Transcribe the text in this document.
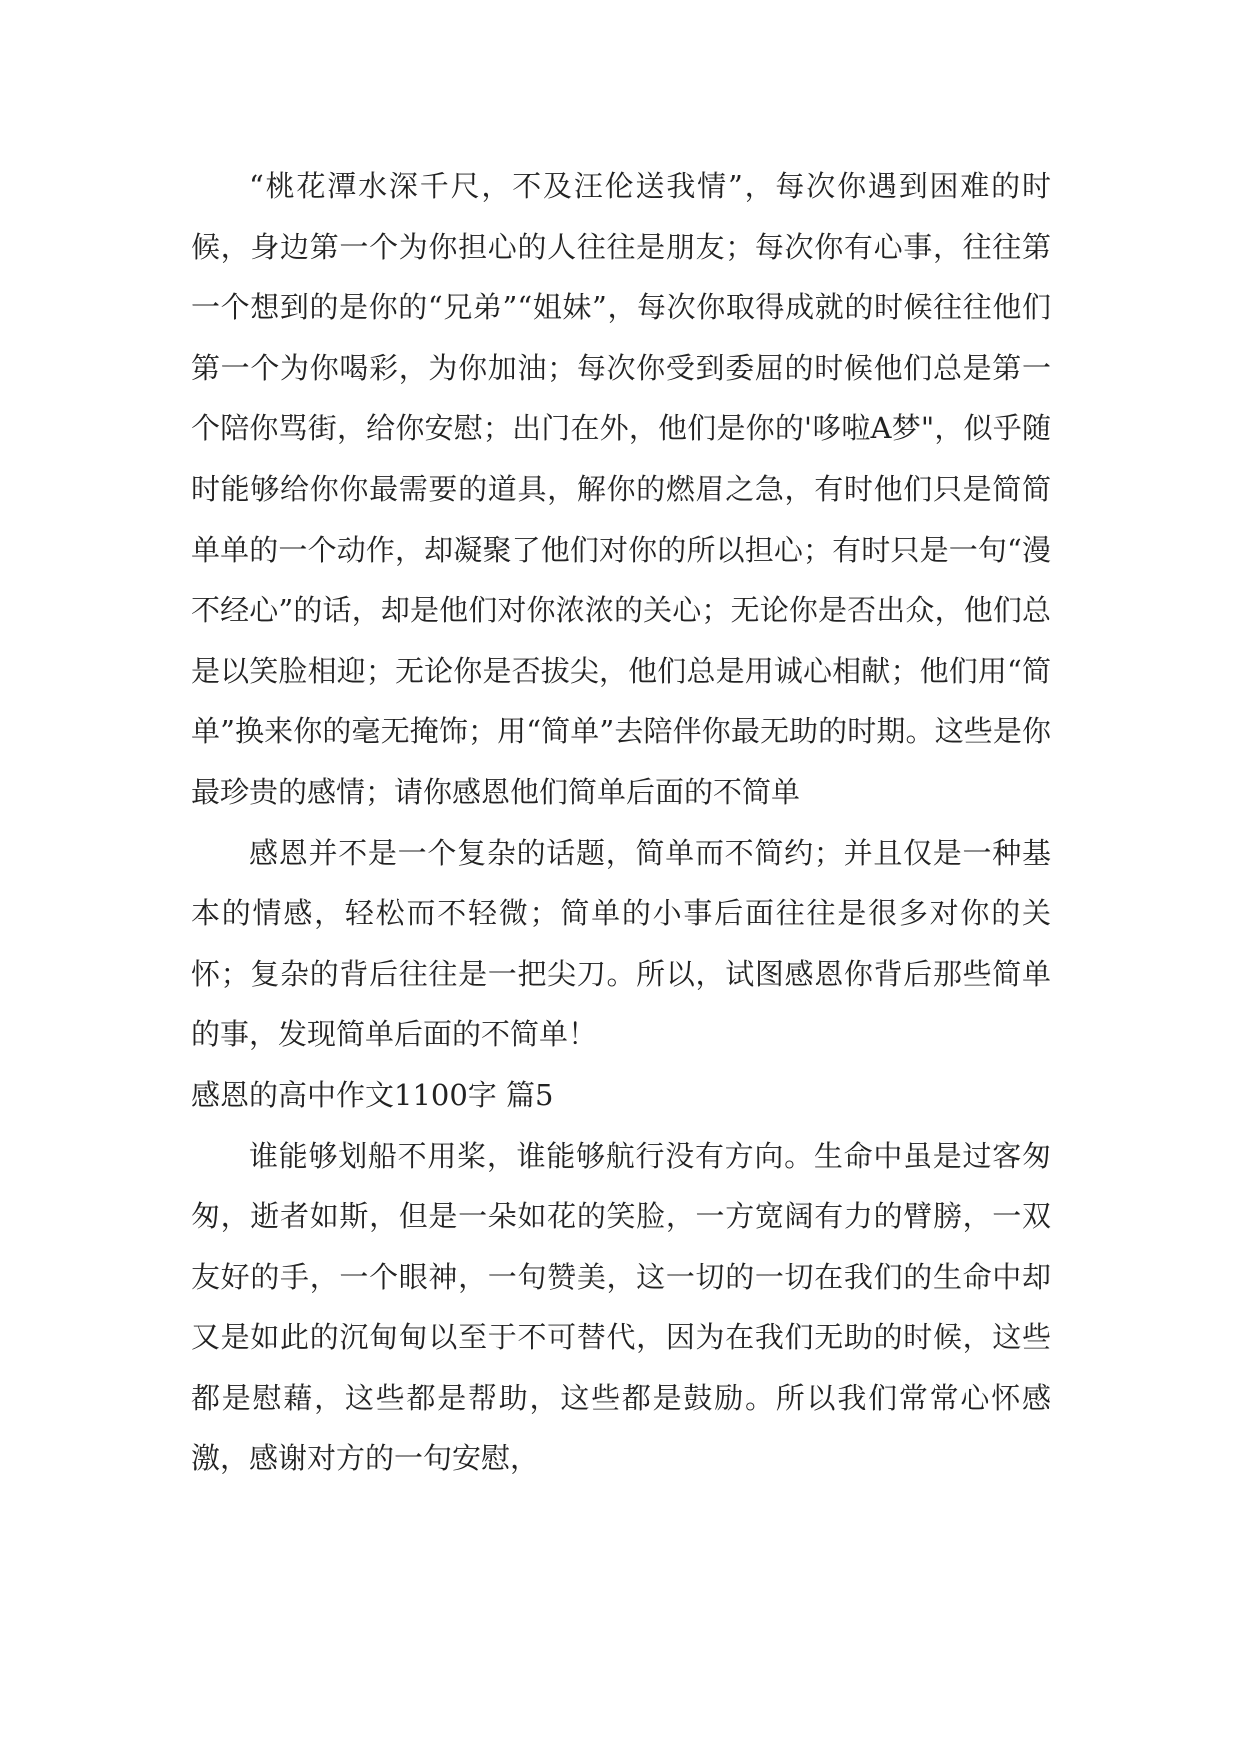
“桃花潭水深千尺，不及汪伦送我情”，每次你遇到困难的时候，身边第一个为你担心的人往往是朋友；每次你有心事，往往第一个想到的是你的“兄弟”“姐妹”，每次你取得成就的时候往往他们第一个为你喝彩，为你加油；每次你受到委屈的时候他们总是第一个陪你骂街，给你安慰；出门在外，他们是你的'哆啦A梦"，似乎随时能够给你你最需要的道具，解你的燃眉之急，有时他们只是简简单单的一个动作，却凝聚了他们对你的所以担心；有时只是一句“漫不经心”的话，却是他们对你浓浓的关心；无论你是否出众，他们总是以笑脸相迎；无论你是否拔尖，他们总是用诚心相献；他们用“简单”换来你的毫无掩饰；用“简单”去陪伴你最无助的时期。这些是你最珍贵的感情；请你感恩他们简单后面的不简单

感恩并不是一个复杂的话题，简单而不简约；并且仅是一种基本的情感，轻松而不轻微；简单的小事后面往往是很多对你的关怀；复杂的背后往往是一把尖刀。所以，试图感恩你背后那些简单的事，发现简单后面的不简单！

感恩的高中作文1100字 篇5

谁能够划船不用桨，谁能够航行没有方向。生命中虽是过客匆匆，逝者如斯，但是一朵如花的笑脸，一方宽阔有力的臂膀，一双友好的手，一个眼神，一句赞美，这一切的一切在我们的生命中却又是如此的沉甸甸以至于不可替代，因为在我们无助的时候，这些都是慰藉，这些都是帮助，这些都是鼓励。所以我们常常心怀感激，感谢对方的一句安慰，
